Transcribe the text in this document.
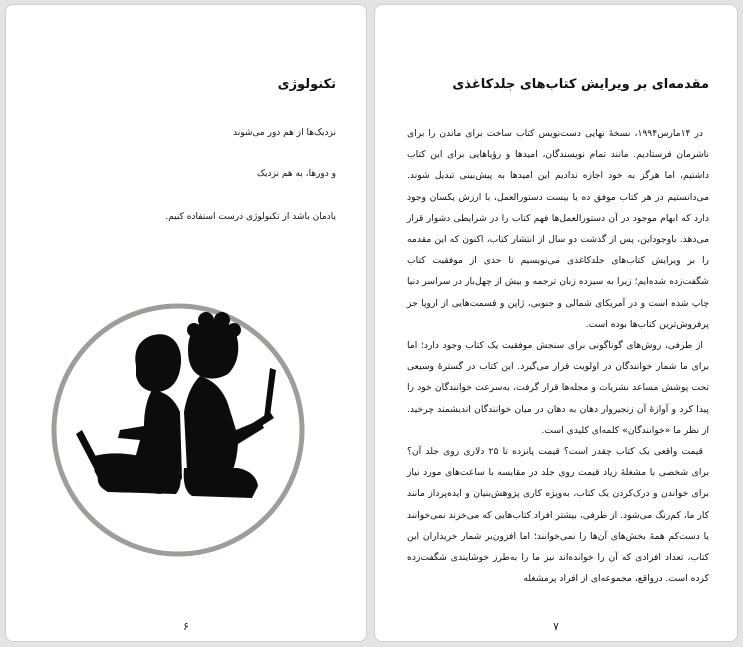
تکنولوژی

نزدیک‌ها از هم دور می‌شوند

و دورها، به هم نزدیک

یادمان باشد از تکنولوژی درست استفاده کنیم.

۶
مقدمه‌ای بر ویرایش کتاب‌های جلدکاغذی

در ۱۴مارس۱۹۹۴، نسخهٔ نهایی دست‌نویس کتاب ساخت برای ماندن را برای ناشرمان فرستادیم. مانند تمام نویسندگان، امیدها و رؤیاهایی برای این کتاب داشتیم، اما هرگز به خود اجازه ندادیم این امیدها به پیش‌بینی تبدیل شوند. می‌دانستیم در هر کتاب موفق ده یا بیست دستورالعمل، با ارزش یکسان وجود دارد که ابهام موجود در آن دستورالعمل‌ها فهم کتاب را در شرایطی دشوار قرار می‌دهد. باوجوداین، پس از گذشت دو سال از انتشار کتاب، اکنون که این مقدمه را بر ویرایش کتاب‌های جلدکاغذی می‌نویسیم تا حدی از موفقیت کتاب شگفت‌زده شده‌ایم؛ زیرا به سیزده زبان ترجمه و بیش از چهل‌بار در سراسر دنیا چاپ شده است و در آمریکای شمالی و جنوبی، ژاپن و قسمت‌هایی از اروپا جز پرفروش‌ترین کتاب‌ها بوده است.

از طرفی، روش‌های گوناگونی برای سنجش موفقیت یک کتاب وجود دارد؛ اما برای ما شمار خوانندگان در اولویت قرار می‌گیرد. این کتاب در گسترهٔ وسیعی تحت پوشش مساعد نشریات و مجله‌ها قرار گرفت، به‌سرعت خوانندگان خود را پیدا کرد و آوازهٔ آن زنجیروار دهان به دهان در میان خوانندگان اندیشمند چرخید. از نظر ما «خوانندگان» کلمه‌ای کلیدی است.

قیمت واقعی یک کتاب چقدر است؟ قیمت پانزده تا ۲۵ دلاری روی جلد آن؟ برای شخصی با مشغلهٔ زیاد قیمت روی جلد در مقایسه با ساعت‌های مورد نیاز برای خواندن و درک‌کردن یک کتاب، به‌ویژه کاری پژوهش‌بنیان و ایده‌پرداز مانند کار ما، کم‌رنگ می‌شود. از طرفی، بیشتر افراد کتاب‌هایی که می‌خرند نمی‌خوانند یا دست‌کم همهٔ بخش‌های آن‌ها را نمی‌خوانند؛ اما افزون‌بر شمار خریداران این کتاب، تعداد افرادی که آن را خوانده‌اند نیز ما را به‌طرز خوشایندی شگفت‌زده کرده است. درواقع، مجموعه‌ای از افراد پرمشغله

۷
